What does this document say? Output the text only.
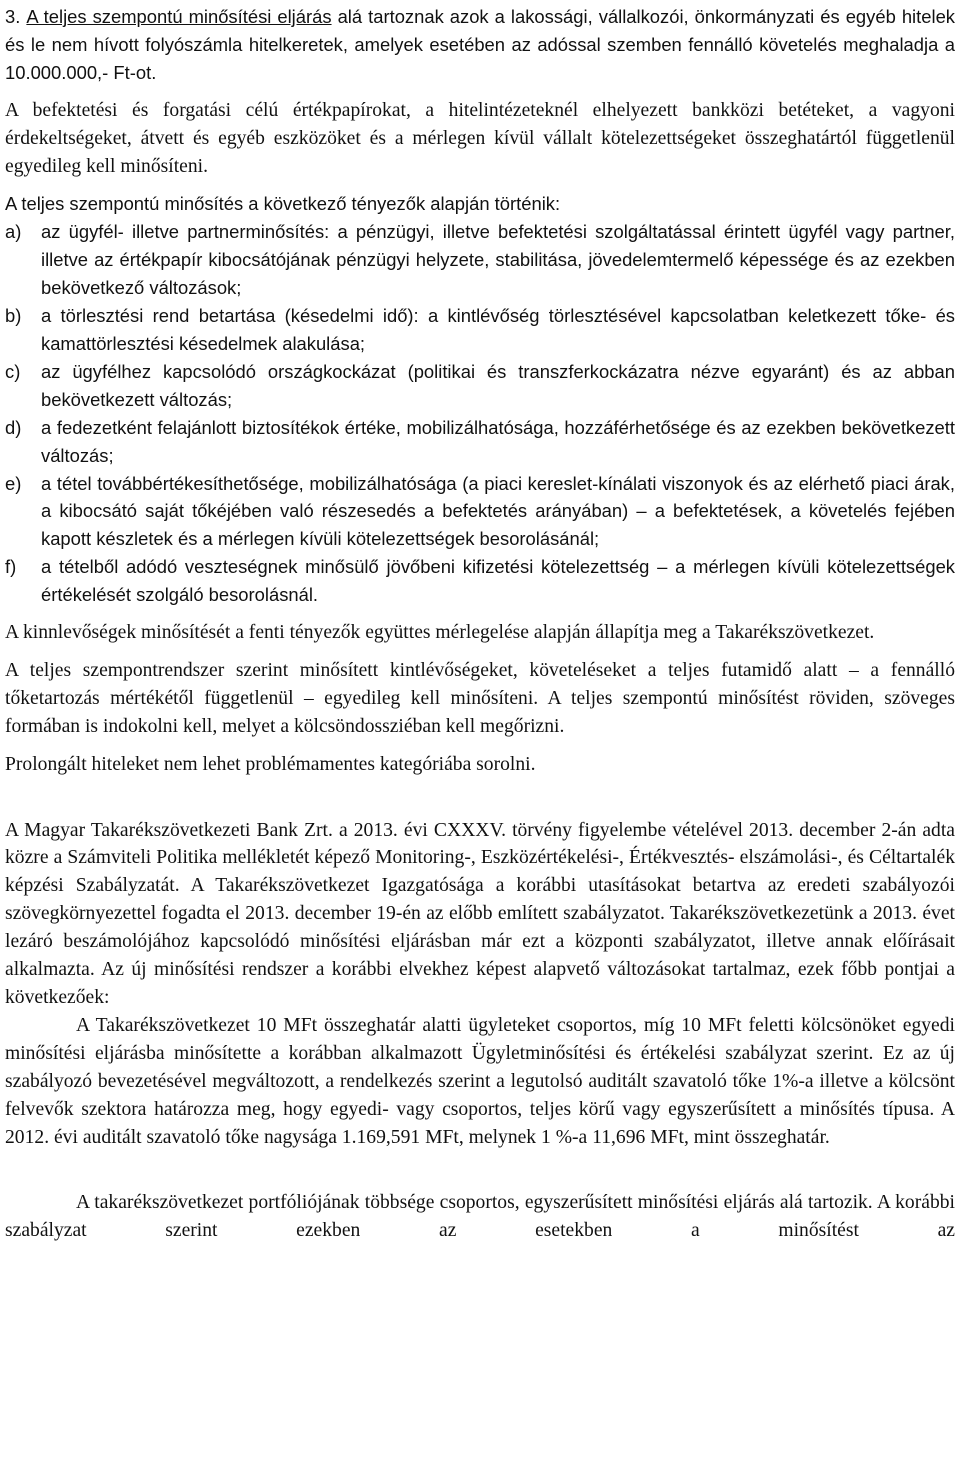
3. A teljes szempontú minősítési eljárás alá tartoznak azok a lakossági, vállalkozói, önkormányzati és egyéb hitelek és le nem hívott folyószámla hitelkeretek, amelyek esetében az adóssal szemben fennálló követelés meghaladja a 10.000.000,- Ft-ot.

A befektetési és forgatási célú értékpapírokat, a hitelintézeteknél elhelyezett bankközi betéteket, a vagyoni érdekeltségeket, átvett és egyéb eszközöket és a mérlegen kívül vállalt kötelezettségeket összeghatártól függetlenül egyedileg kell minősíteni.

A teljes szempontú minősítés a következő tényezők alapján történik:

a) az ügyfél- illetve partnerminősítés: a pénzügyi, illetve befektetési szolgáltatással érintett ügyfél vagy partner, illetve az értékpapír kibocsátójának pénzügyi helyzete, stabilitása, jövedelemtermelő képessége és az ezekben bekövetkező változások;
b) a törlesztési rend betartása (késedelmi idő): a kintlévőség törlesztésével kapcsolatban keletkezett tőke- és kamattörlesztési késedelmek alakulása;
c) az ügyfélhez kapcsolódó országkockázat (politikai és transzferkockázatra nézve egyaránt) és az abban bekövetkezett változás;
d) a fedezetként felajánlott biztosítékok értéke, mobilizálhatósága, hozzáférhetősége és az ezekben bekövetkezett változás;
e) a tétel továbbértékesíthetősége, mobilizálhatósága (a piaci kereslet-kínálati viszonyok és az elérhető piaci árak, a kibocsátó saját tőkéjében való részesedés a befektetés arányában) – a befektetések, a követelés fejében kapott készletek és a mérlegen kívüli kötelezettségek besorolásánál;
f) a tételből adódó veszteségnek minősülő jövőbeni kifizetési kötelezettség – a mérlegen kívüli kötelezettségek értékelését szolgáló besorolásnál.

A kinnlevőségek minősítését a fenti tényezők együttes mérlegelése alapján állapítja meg a Takarékszövetkezet.

A teljes szempontrendszer szerint minősített kintlévőségeket, követeléseket a teljes futamidő alatt – a fennálló tőketartozás mértékétől függetlenül – egyedileg kell minősíteni. A teljes szempontú minősítést röviden, szöveges formában is indokolni kell, melyet a kölcsöndossziéban kell megőrizni.

Prolongált hiteleket nem lehet problémamentes kategóriába sorolni.

A Magyar Takarékszövetkezeti Bank Zrt. a 2013. évi CXXXV. törvény figyelembe vételével 2013. december 2-án adta közre a Számviteli Politika mellékletét képező Monitoring-, Eszközértékelési-, Értékvesztés- elszámolási-, és Céltartalék képzési Szabályzatát. A Takarékszövetkezet Igazgatósága a korábbi utasításokat betartva az eredeti szabályozói szövegkörnyezettel fogadta el 2013. december 19-én az előbb említett szabályzatot. Takarékszövetkezetünk a 2013. évet lezáró beszámolójához kapcsolódó minősítési eljárásban már ezt a központi szabályzatot, illetve annak előírásait alkalmazta. Az új minősítési rendszer a korábbi elvekhez képest alapvető változásokat tartalmaz, ezek főbb pontjai a következőek:

A Takarékszövetkezet 10 MFt összeghatár alatti ügyleteket csoportos, míg 10 MFt feletti kölcsönöket egyedi minősítési eljárásba minősítette a korábban alkalmazott Ügyletminősítési és értékelési szabályzat szerint. Ez az új szabályozó bevezetésével megváltozott, a rendelkezés szerint a legutolsó auditált szavatoló tőke 1%-a illetve a kölcsönt felvevők szektora határozza meg, hogy egyedi- vagy csoportos, teljes körű vagy egyszerűsített a minősítés típusa. A 2012. évi auditált szavatoló tőke nagysága 1.169,591 MFt, melynek 1 %-a 11,696 MFt, mint összeghatár.

A takarékszövetkezet portfóliójának többsége csoportos, egyszerűsített minősítési eljárás alá tartozik. A korábbi szabályzat szerint ezekben az esetekben a minősítést az
